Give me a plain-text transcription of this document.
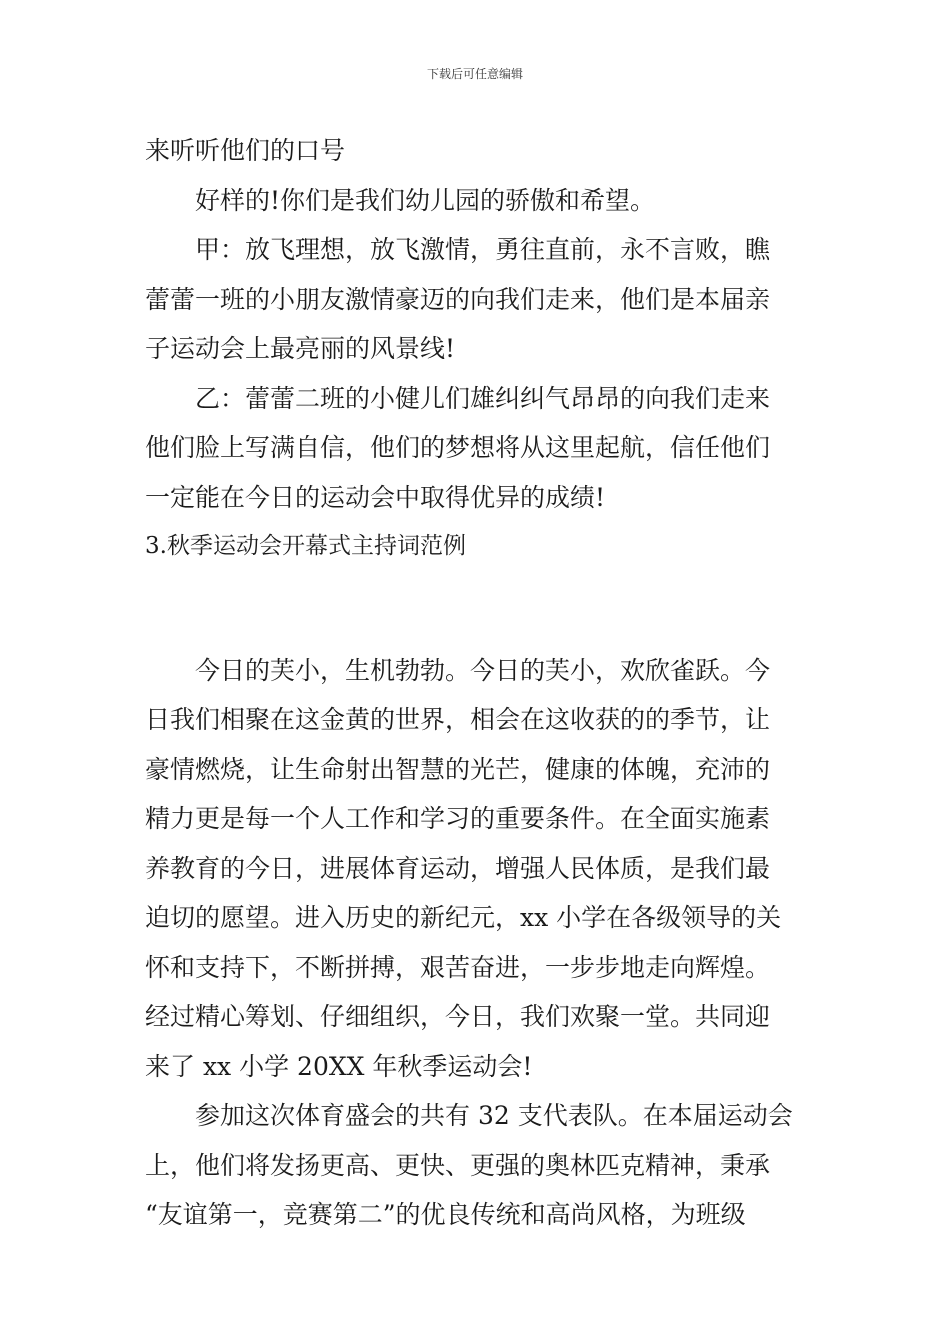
下载后可任意编辑
来听听他们的口号
好样的!你们是我们幼儿园的骄傲和希望。
甲：放飞理想，放飞激情，勇往直前，永不言败，瞧
蕾蕾一班的小朋友激情豪迈的向我们走来，他们是本届亲
子运动会上最亮丽的风景线!
乙：蕾蕾二班的小健儿们雄纠纠气昂昂的向我们走来
他们脸上写满自信，他们的梦想将从这里起航，信任他们
一定能在今日的运动会中取得优异的成绩!
3.秋季运动会开幕式主持词范例
今日的芙小，生机勃勃。今日的芙小，欢欣雀跃。今
日我们相聚在这金黄的世界，相会在这收获的的季节，让
豪情燃烧，让生命射出智慧的光芒，健康的体魄，充沛的
精力更是每一个人工作和学习的重要条件。在全面实施素
养教育的今日，进展体育运动，增强人民体质，是我们最
迫切的愿望。进入历史的新纪元，xx 小学在各级领导的关
怀和支持下，不断拼搏，艰苦奋进，一步步地走向辉煌。
经过精心筹划、仔细组织，今日，我们欢聚一堂。共同迎
来了 xx 小学 20XX 年秋季运动会!
参加这次体育盛会的共有 32 支代表队。在本届运动会
上，他们将发扬更高、更快、更强的奥林匹克精神，秉承
“友谊第一，竞赛第二”的优良传统和高尚风格，为班级
